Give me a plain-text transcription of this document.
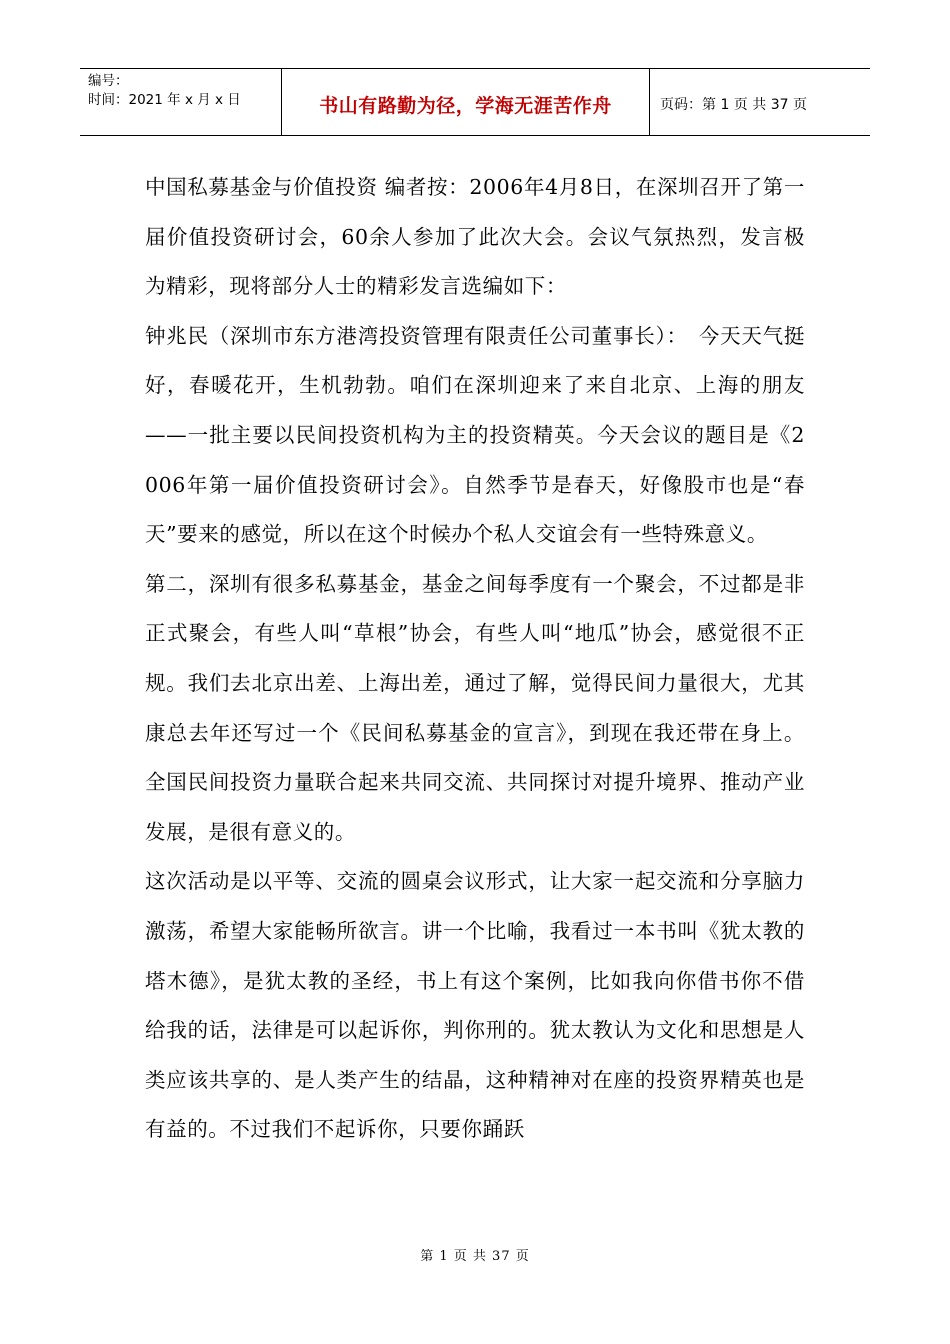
编号：
时间：2021 年 x 月 x 日	书山有路勤为径，学海无涯苦作舟	页码：第 1 页 共 37 页

中国私募基金与价值投资 编者按：2006年4月8日，在深圳召开了第一届价值投资研讨会，60余人参加了此次大会。会议气氛热烈，发言极为精彩，现将部分人士的精彩发言选编如下：

钟兆民（深圳市东方港湾投资管理有限责任公司董事长）：　今天天气挺好，春暖花开，生机勃勃。咱们在深圳迎来了来自北京、上海的朋友——一批主要以民间投资机构为主的投资精英。今天会议的题目是《2006年第一届价值投资研讨会》。自然季节是春天，好像股市也是“春天”要来的感觉，所以在这个时候办个私人交谊会有一些特殊意义。

第二，深圳有很多私募基金，基金之间每季度有一个聚会，不过都是非正式聚会，有些人叫“草根”协会，有些人叫“地瓜”协会，感觉很不正规。我们去北京出差、上海出差，通过了解，觉得民间力量很大，尤其康总去年还写过一个《民间私募基金的宣言》，到现在我还带在身上。全国民间投资力量联合起来共同交流、共同探讨对提升境界、推动产业发展，是很有意义的。

这次活动是以平等、交流的圆桌会议形式，让大家一起交流和分享脑力激荡，希望大家能畅所欲言。讲一个比喻，我看过一本书叫《犹太教的塔木德》，是犹太教的圣经，书上有这个案例，比如我向你借书你不借给我的话，法律是可以起诉你，判你刑的。犹太教认为文化和思想是人类应该共享的、是人类产生的结晶，这种精神对在座的投资界精英也是有益的。不过我们不起诉你，只要你踊跃

第 1 页 共 37 页
